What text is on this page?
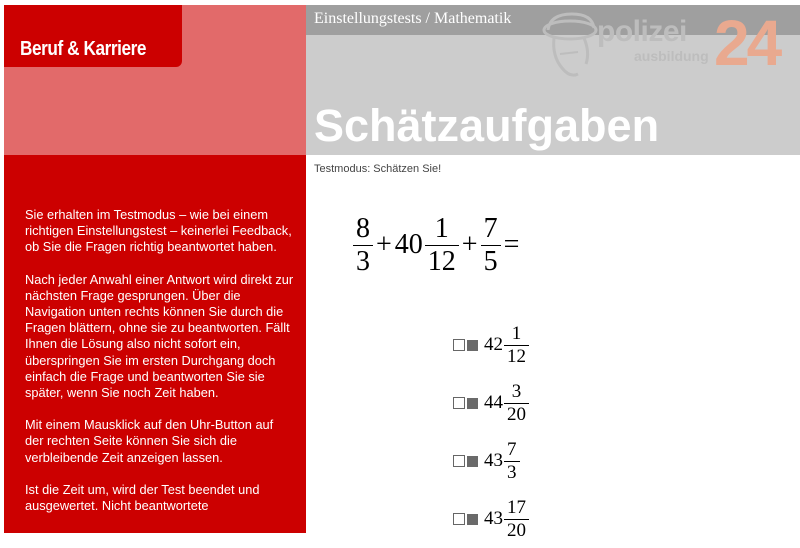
Beruf & Karriere

Sie erhalten im Testmodus – wie bei einem richtigen Einstellungstest – keinerlei Feedback, ob Sie die Fragen richtig beantwortet haben.

Nach jeder Anwahl einer Antwort wird direkt zur nächsten Frage gesprungen. Über die Navigation unten rechts können Sie durch die Fragen blättern, ohne sie zu beantworten. Fällt Ihnen die Lösung also nicht sofort ein, überspringen Sie im ersten Durchgang doch einfach die Frage und beantworten Sie sie später, wenn Sie noch Zeit haben.

Mit einem Mausklick auf den Uhr-Button auf der rechten Seite können Sie sich die verbleibende Zeit anzeigen lassen.

Ist die Zeit um, wird der Test beendet und ausgewertet. Nicht beantwortete

Einstellungstests / Mathematik	polizei
ausbildung 24
Schätzaufgaben
Testmodus: Schätzen Sie!
$\frac{8}{3} + 40 \frac{1}{12} + \frac{7}{5}$ =
$42 \frac{1}{12}$
$44 \frac{3}{20}$
$43 \frac{7}{3}$
$43 \frac{17}{20}$
